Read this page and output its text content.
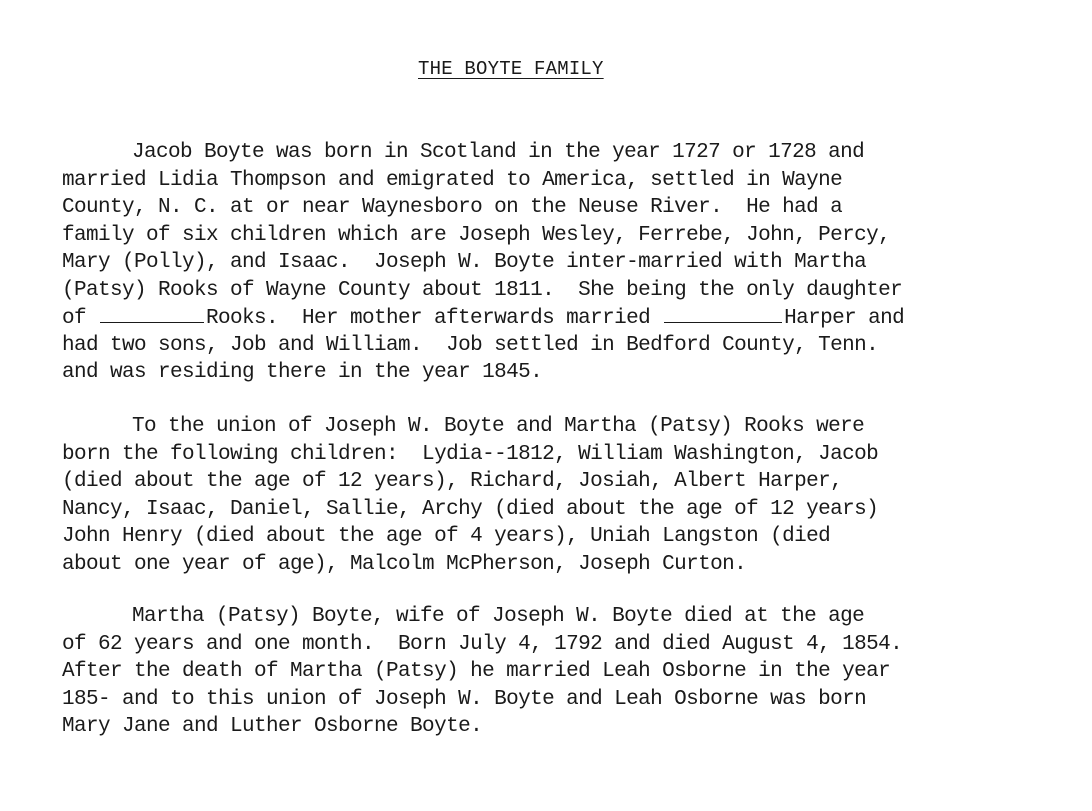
THE BOYTE FAMILY
Jacob Boyte was born in Scotland in the year 1727 or 1728 and
married Lidia Thompson and emigrated to America, settled in Wayne
County, N. C. at or near Waynesboro on the Neuse River.  He had a
family of six children which are Joseph Wesley, Ferrebe, John, Percy,
Mary (Polly), and Isaac.  Joseph W. Boyte inter-married with Martha
(Patsy) Rooks of Wayne County about 1811.  She being the only daughter
of	Rooks.  Her mother afterwards married	Harper and
had two sons, Job and William.  Job settled in Bedford County, Tenn.
and was residing there in the year 1845.
To the union of Joseph W. Boyte and Martha (Patsy) Rooks were
born the following children:  Lydia--1812, William Washington, Jacob
(died about the age of 12 years), Richard, Josiah, Albert Harper,
Nancy, Isaac, Daniel, Sallie, Archy (died about the age of 12 years)
John Henry (died about the age of 4 years), Uniah Langston (died
about one year of age), Malcolm McPherson, Joseph Curton.
Martha (Patsy) Boyte, wife of Joseph W. Boyte died at the age
of 62 years and one month.  Born July 4, 1792 and died August 4, 1854.
After the death of Martha (Patsy) he married Leah Osborne in the year
185- and to this union of Joseph W. Boyte and Leah Osborne was born
Mary Jane and Luther Osborne Boyte.
